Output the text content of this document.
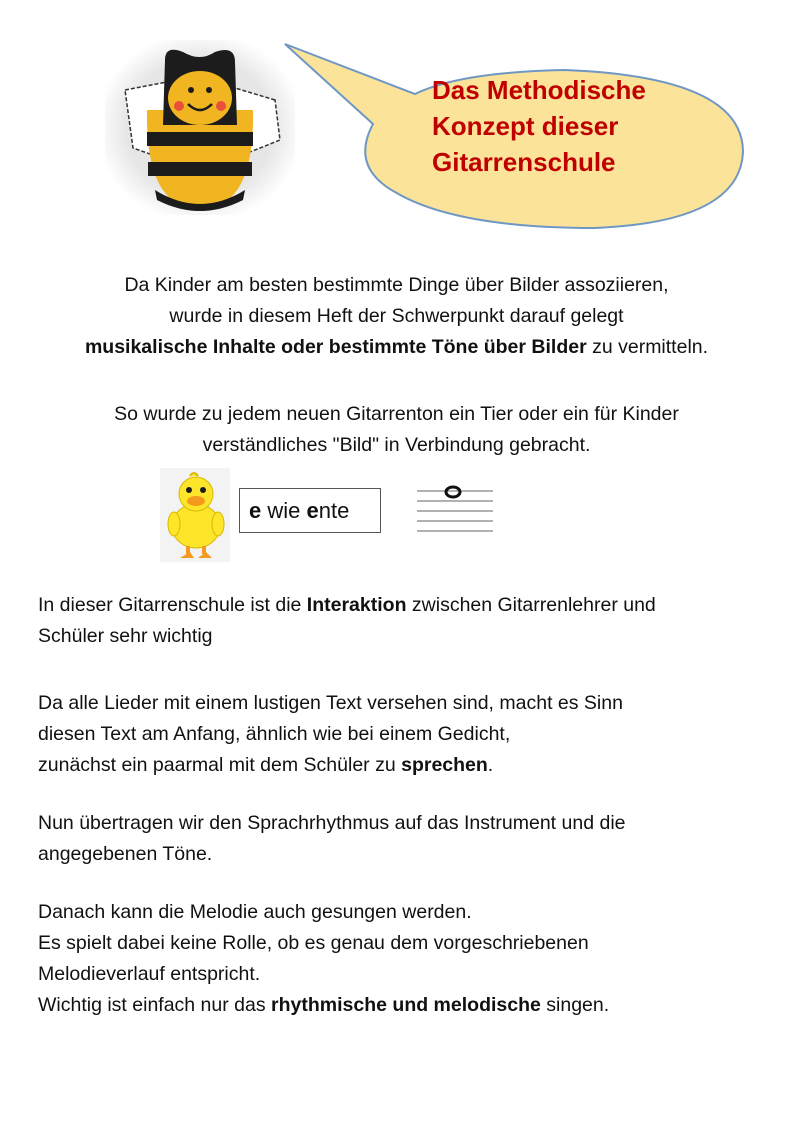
Das Methodische
Konzept dieser
Gitarrenschule

Da Kinder am besten bestimmte Dinge über Bilder assoziieren,

wurde in diesem Heft der Schwerpunkt darauf gelegt

musikalische Inhalte oder bestimmte Töne über Bilder zu vermitteln.

So wurde zu jedem neuen Gitarrenton ein Tier oder ein für Kinder

verständliches "Bild" in Verbindung gebracht.

e wie ente

In dieser Gitarrenschule ist die Interaktion zwischen Gitarrenlehrer und

Schüler sehr wichtig

Da alle Lieder mit einem lustigen Text versehen sind, macht es Sinn

diesen Text am Anfang, ähnlich wie bei einem Gedicht,

zunächst ein paarmal mit dem Schüler zu sprechen.

Nun übertragen wir den Sprachrhythmus auf das Instrument und die

angegebenen Töne.

Danach kann die Melodie auch gesungen werden.

Es spielt dabei keine Rolle, ob es genau dem vorgeschriebenen

Melodieverlauf entspricht.

Wichtig ist einfach nur das rhythmische und melodische singen.
